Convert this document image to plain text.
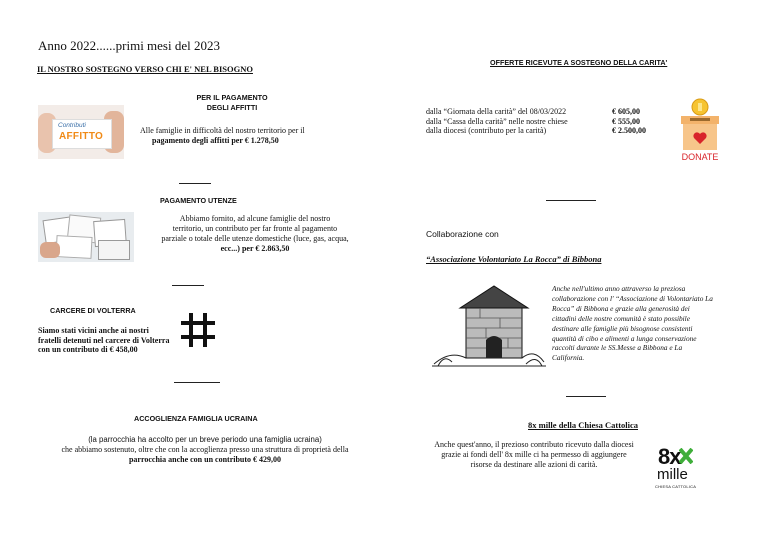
Anno 2022......primi mesi del 2023
IL NOSTRO SOSTEGNO VERSO CHI E' NEL BISOGNO
PER IL PAGAMENTO
DEGLI AFFITTI
Contributi
AFFITTO
Alle famiglie in difficoltà del nostro territorio per il
pagamento degli affitti per € 1.278,50
PAGAMENTO UTENZE
Abbiamo fornito, ad alcune famiglie del nostro
territorio, un contributo per far fronte al pagamento
parziale o totale delle utenze domestiche (luce, gas, acqua,
ecc...) per € 2.863,50
CARCERE DI VOLTERRA
Siamo stati vicini anche ai nostri
fratelli detenuti nel carcere di Volterra
con un contributo di € 458,00
ACCOGLIENZA FAMIGLIA UCRAINA
(la parrocchia ha accolto per un breve periodo una famiglia ucraina)
che abbiamo sostenuto, oltre che con la accoglienza presso una struttura di proprietà della
parrocchia anche con un contributo € 429,00
OFFERTE RICEVUTE A SOSTEGNO DELLA CARITA'
dalla “Giornata della carità” del 08/03/2022	€ 605,00
dalla “Cassa della carità” nelle nostre chiese	€ 555,00
dalla diocesi (contributo per la carità)	€ 2.500,00
DONATE
Collaborazione con
“Associazione Volontariato La Rocca” di Bibbona
Anche nell'ultimo anno attraverso la preziosa
collaborazione con l' “Associazione di Volontariato La
Rocca” di Bibbona e grazie alla generosità dei
cittadini delle nostre comunità è stato possibile
destinare alle famiglie più bisognose consistenti
quantità di cibo e alimenti a lunga conservazione
raccolti durante le SS.Messe a Bibbona e La
California.
8x mille della Chiesa Cattolica
Anche quest'anno, il prezioso contributo ricevuto dalla diocesi
grazie ai fondi dell' 8x mille ci ha permesso di aggiungere
risorse da destinare alle azioni di carità.	8x
mille
CHIESA CATTOLICA
